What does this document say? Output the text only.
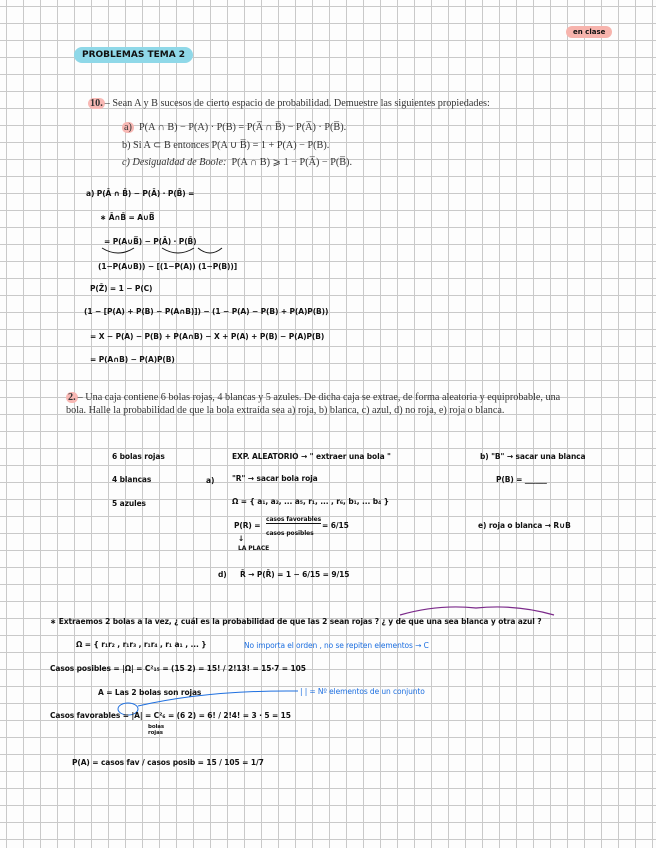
en clase
PROBLEMAS TEMA 2
10. – Sean A y B sucesos de cierto espacio de probabilidad. Demuestre las siguientes propiedades:
a) P(A ∩ B) − P(A) · P(B) = P(A̅ ∩ B̅) − P(A̅) · P(B̅).
b) Si A ⊂ B entonces P(A ∪ B̅) = 1 + P(A) − P(B).
c) Desigualdad de Boole: P(A ∩ B) ⩾ 1 − P(A̅) − P(B̅).
a) P(Ā ∩ B̄) − P(Ā) · P(B̄) =
∗ Ā∩B̄ = A∪B̅
= P(A∪B̅) − P(Ā) · P(B̄)
(1−P(A∪B)) − [(1−P(A)) (1−P(B))]
P(Z̄) = 1 − P(C)
(1 − [P(A) + P(B) − P(A∩B)]) − (1 − P(A) − P(B) + P(A)P(B))
= X − P(A) − P(B) + P(A∩B) − X + P(A) + P(B) − P(A)P(B)
= P(A∩B) − P(A)P(B)
2. – Una caja contiene 6 bolas rojas, 4 blancas y 5 azules. De dicha caja se extrae, de forma aleatoria y equiprobable, una bola. Halle la probabilidad de que la bola extraída sea a) roja, b) blanca, c) azul, d) no roja, e) roja o blanca.
6 bolas rojas
4 blancas
5 azules
EXP. ALEATORIO → " extraer una bola "
a) "R" → sacar bola roja
Ω = { a₁, a₂, ... a₅, r₁, ... , r₆, b₁, ... b₄ }
P(R) =
casos favorables
casos posibles
= 6/15
↓
LA PLACE
d) R̄ → P(R̄) = 1 − 6/15 = 9/15
b) "B" → sacar una blanca
P(B) = ______
e) roja o blanca → R∪B
∗ Extraemos 2 bolas a la vez, ¿ cuál es la probabilidad de que las 2 sean rojas ? ¿ y de que una sea blanca y otra azul ?
Ω = { r₁r₂ , r₁r₃ , r₁r₄ , r₁ a₁ , ... }	No importa el orden , no se repiten elementos → C
Casos posibles = |Ω| = C²₁₅ = (15 2) = 15! / 2!13! = 15·7 = 105
A = Las 2 bolas son rojas	| | = Nº elementos de un conjunto
Casos favorables = |A| = C²₆ = (6 2) = 6! / 2!4! = 3 · 5 = 15
bolas rojas
P(A) = casos fav / casos posib = 15 / 105 = 1/7
